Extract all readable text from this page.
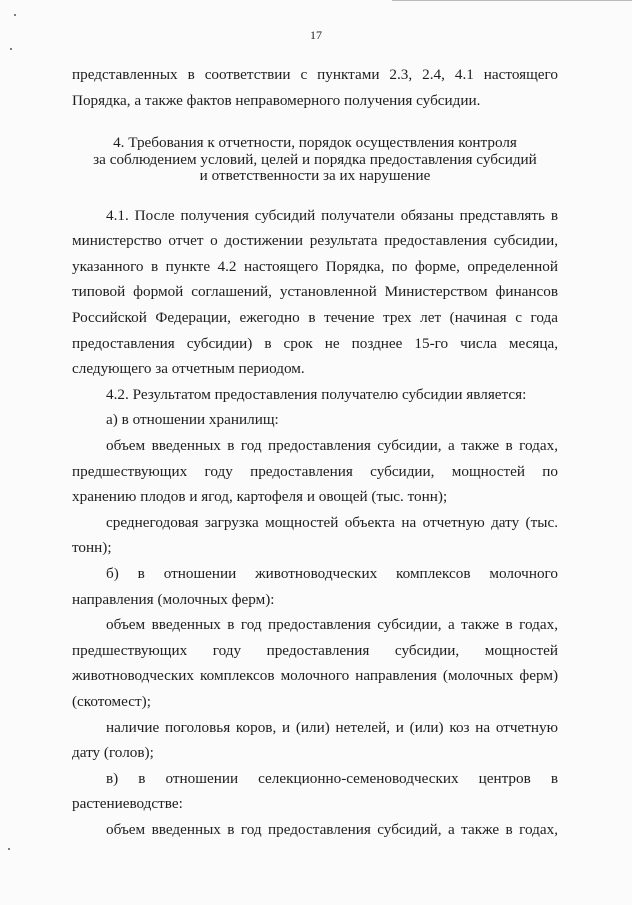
17

представленных в соответствии с пунктами 2.3, 2.4, 4.1 настоящего Порядка, а также фактов неправомерного получения субсидии.

4. Требования к отчетности, порядок осуществления контроля
за соблюдением условий, целей и порядка предоставления субсидий
и ответственности за их нарушение

4.1. После получения субсидий получатели обязаны представлять в министерство отчет о достижении результата предоставления субсидии, указанного в пункте 4.2 настоящего Порядка, по форме, определенной типовой формой соглашений, установленной Министерством финансов Российской Федерации, ежегодно в течение трех лет (начиная с года предоставления субсидии) в срок не позднее 15-го числа месяца, следующего за отчетным периодом.

4.2. Результатом предоставления получателю субсидии является:

а) в отношении хранилищ:

объем введенных в год предоставления субсидии, а также в годах, предшествующих году предоставления субсидии, мощностей по хранению плодов и ягод, картофеля и овощей (тыс. тонн);

среднегодовая загрузка мощностей объекта на отчетную дату (тыс. тонн);

б) в отношении животноводческих комплексов молочного направления (молочных ферм):

объем введенных в год предоставления субсидии, а также в годах, предшествующих году предоставления субсидии, мощностей животноводческих комплексов молочного направления (молочных ферм) (скотомест);

наличие поголовья коров, и (или) нетелей, и (или) коз на отчетную дату (голов);

в) в отношении селекционно-семеноводческих центров в растениеводстве:

объем введенных в год предоставления субсидий, а также в годах,
